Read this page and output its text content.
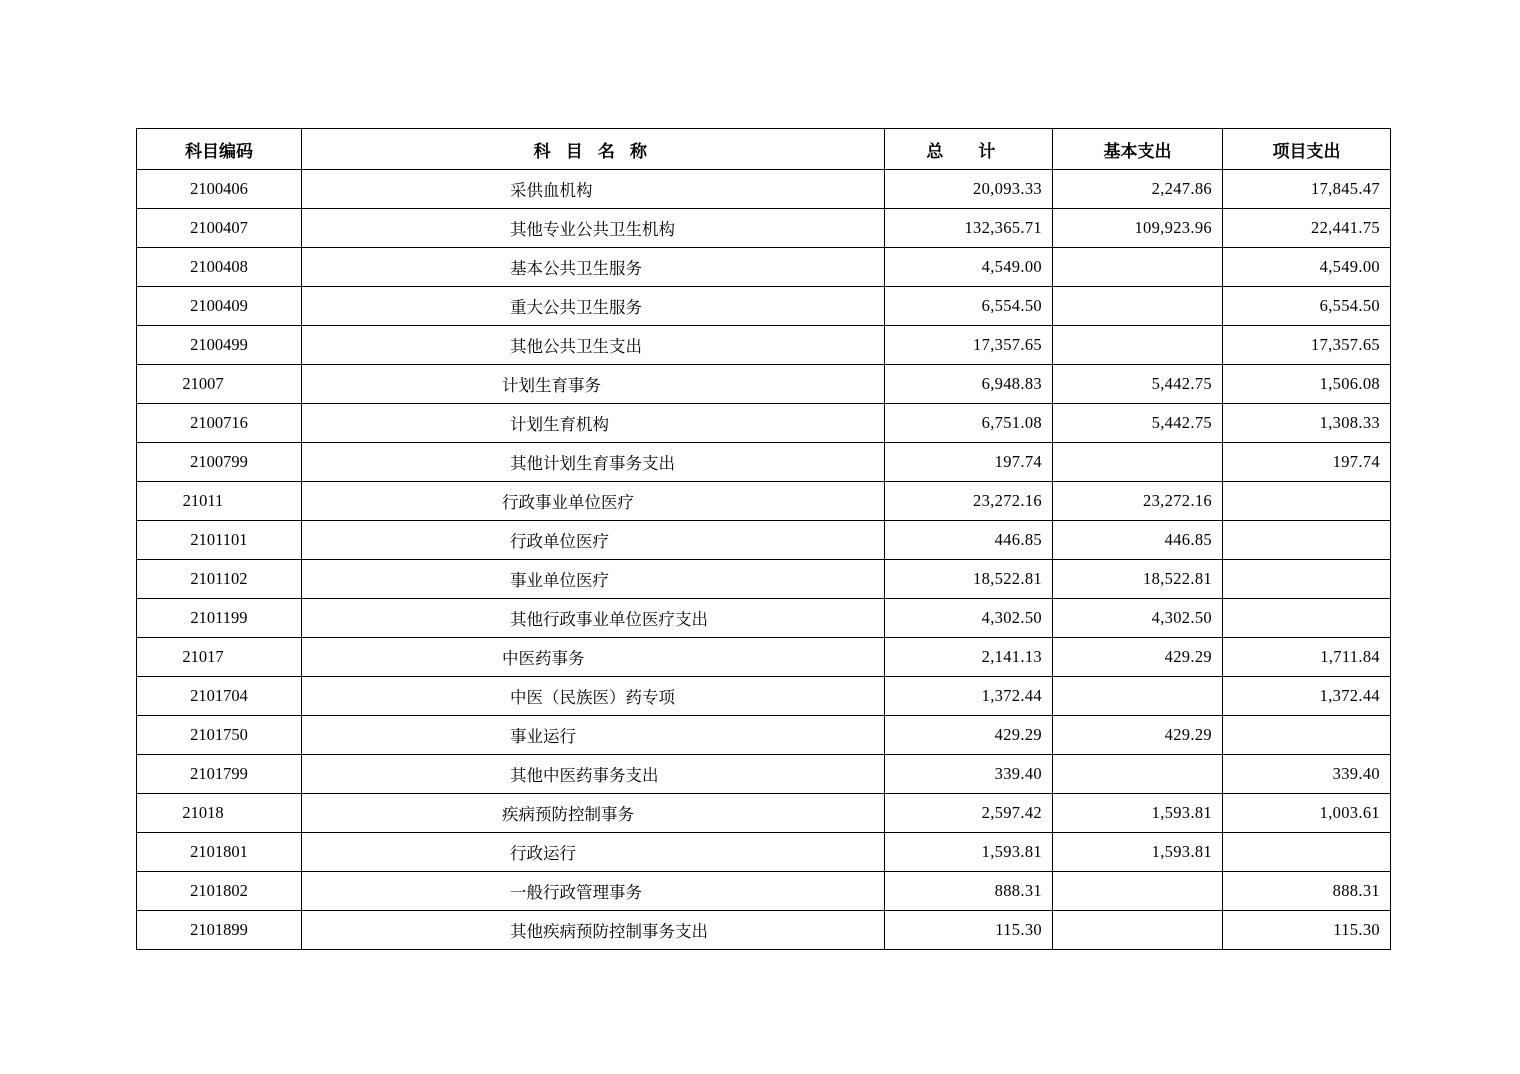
科目编码	科 目 名 称	总 计	基本支出	项目支出
2100406	采供血机构	20,093.33	2,247.86	17,845.47
2100407	其他专业公共卫生机构	132,365.71	109,923.96	22,441.75
2100408	基本公共卫生服务	4,549.00		4,549.00
2100409	重大公共卫生服务	6,554.50		6,554.50
2100499	其他公共卫生支出	17,357.65		17,357.65
21007	计划生育事务	6,948.83	5,442.75	1,506.08
2100716	计划生育机构	6,751.08	5,442.75	1,308.33
2100799	其他计划生育事务支出	197.74		197.74
21011	行政事业单位医疗	23,272.16	23,272.16	
2101101	行政单位医疗	446.85	446.85	
2101102	事业单位医疗	18,522.81	18,522.81	
2101199	其他行政事业单位医疗支出	4,302.50	4,302.50	
21017	中医药事务	2,141.13	429.29	1,711.84
2101704	中医（民族医）药专项	1,372.44		1,372.44
2101750	事业运行	429.29	429.29	
2101799	其他中医药事务支出	339.40		339.40
21018	疾病预防控制事务	2,597.42	1,593.81	1,003.61
2101801	行政运行	1,593.81	1,593.81	
2101802	一般行政管理事务	888.31		888.31
2101899	其他疾病预防控制事务支出	115.30		115.30
